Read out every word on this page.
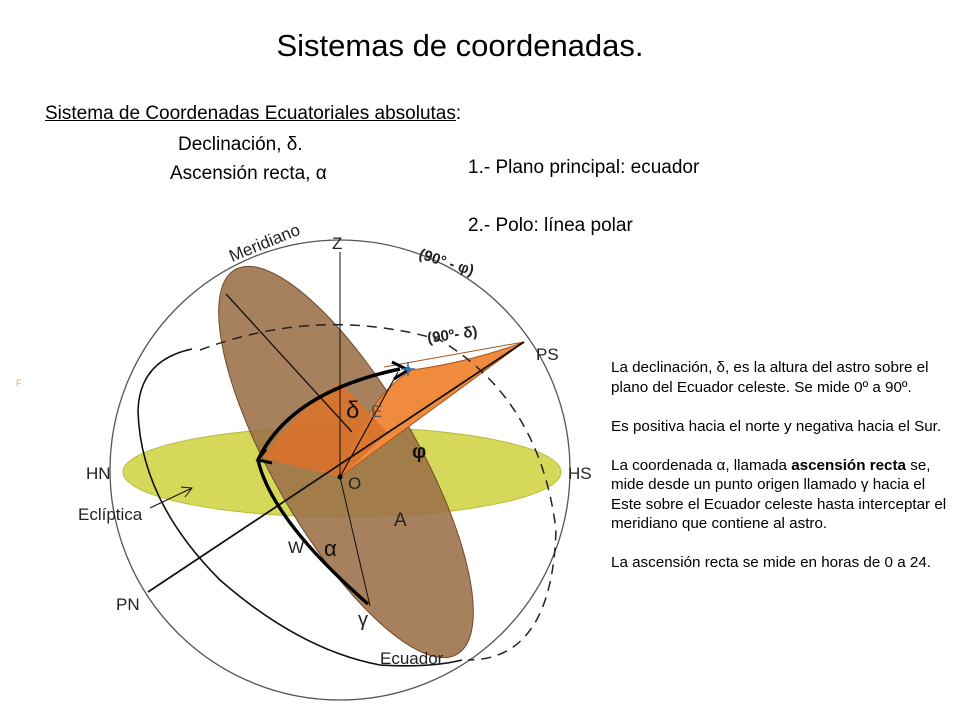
Sistemas de coordenadas.
Sistema de Coordenadas Ecuatoriales absolutas:
Declinación, δ.
Ascensión recta, α	1.- Plano principal: ecuador
2.- Polo: línea polar
F
Meridiano Z
(90° - φ)
(90º- δ)
PS
δ E
φ
HN	HS
O
Eclíptica	A
W α
PN
γ
Ecuador

La declinación, δ, es la altura del astro sobre el plano del Ecuador celeste. Se mide 0º a 90º.

Es positiva hacia el norte y negativa hacia el Sur.

La coordenada α, llamada ascensión recta se, mide desde un punto origen llamado γ hacia el Este sobre el Ecuador celeste hasta interceptar el meridiano que contiene al astro.

La ascensión recta se mide en horas de 0 a 24.
